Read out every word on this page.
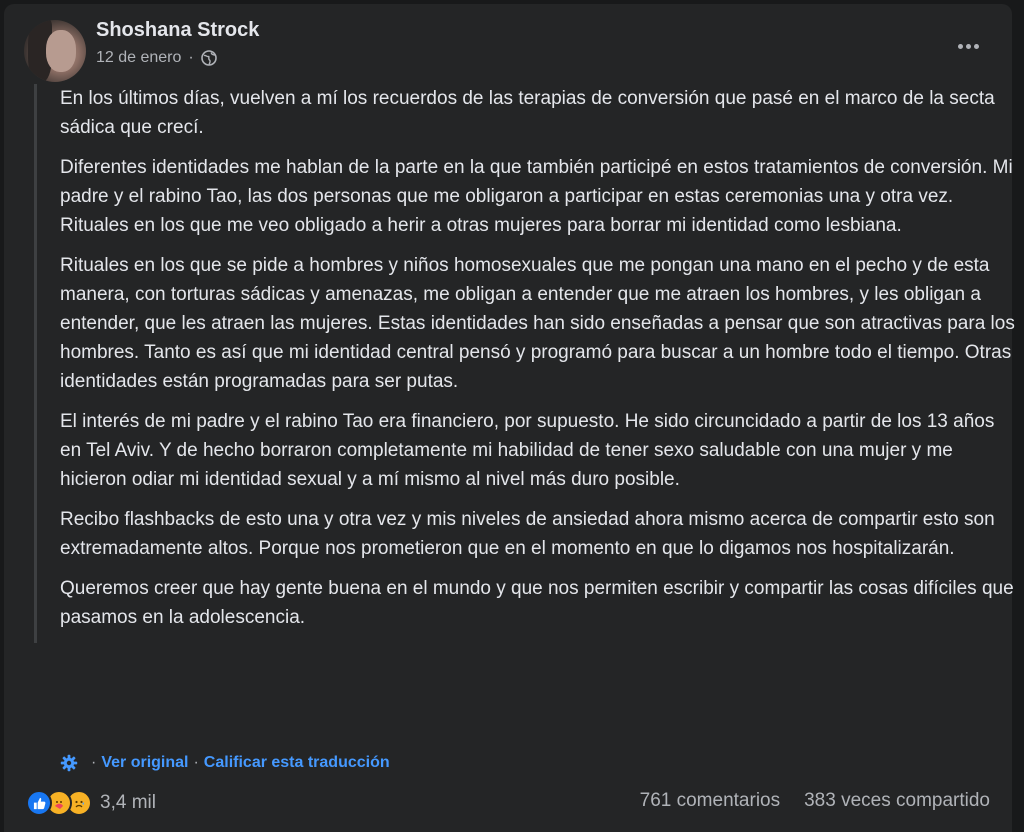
Shoshana Strock
12 de enero ·

En los últimos días, vuelven a mí los recuerdos de las terapias de conversión que pasé en el marco de la secta sádica que crecí.

Diferentes identidades me hablan de la parte en la que también participé en estos tratamientos de conversión. Mi padre y el rabino Tao, las dos personas que me obligaron a participar en estas ceremonias una y otra vez. Rituales en los que me veo obligado a herir a otras mujeres para borrar mi identidad como lesbiana.

Rituales en los que se pide a hombres y niños homosexuales que me pongan una mano en el pecho y de esta manera, con torturas sádicas y amenazas, me obligan a entender que me atraen los hombres, y les obligan a entender, que les atraen las mujeres. Estas identidades han sido enseñadas a pensar que son atractivas para los hombres. Tanto es así que mi identidad central pensó y programó para buscar a un hombre todo el tiempo. Otras identidades están programadas para ser putas.

El interés de mi padre y el rabino Tao era financiero, por supuesto. He sido circuncidado a partir de los 13 años en Tel Aviv. Y de hecho borraron completamente mi habilidad de tener sexo saludable con una mujer y me hicieron odiar mi identidad sexual y a mí mismo al nivel más duro posible.

Recibo flashbacks de esto una y otra vez y mis niveles de ansiedad ahora mismo acerca de compartir esto son extremadamente altos. Porque nos prometieron que en el momento en que lo digamos nos hospitalizarán.

Queremos creer que hay gente buena en el mundo y que nos permiten escribir y compartir las cosas difíciles que pasamos en la adolescencia.

· Ver original · Calificar esta traducción
3,4 mil	761 comentarios 383 veces compartido
